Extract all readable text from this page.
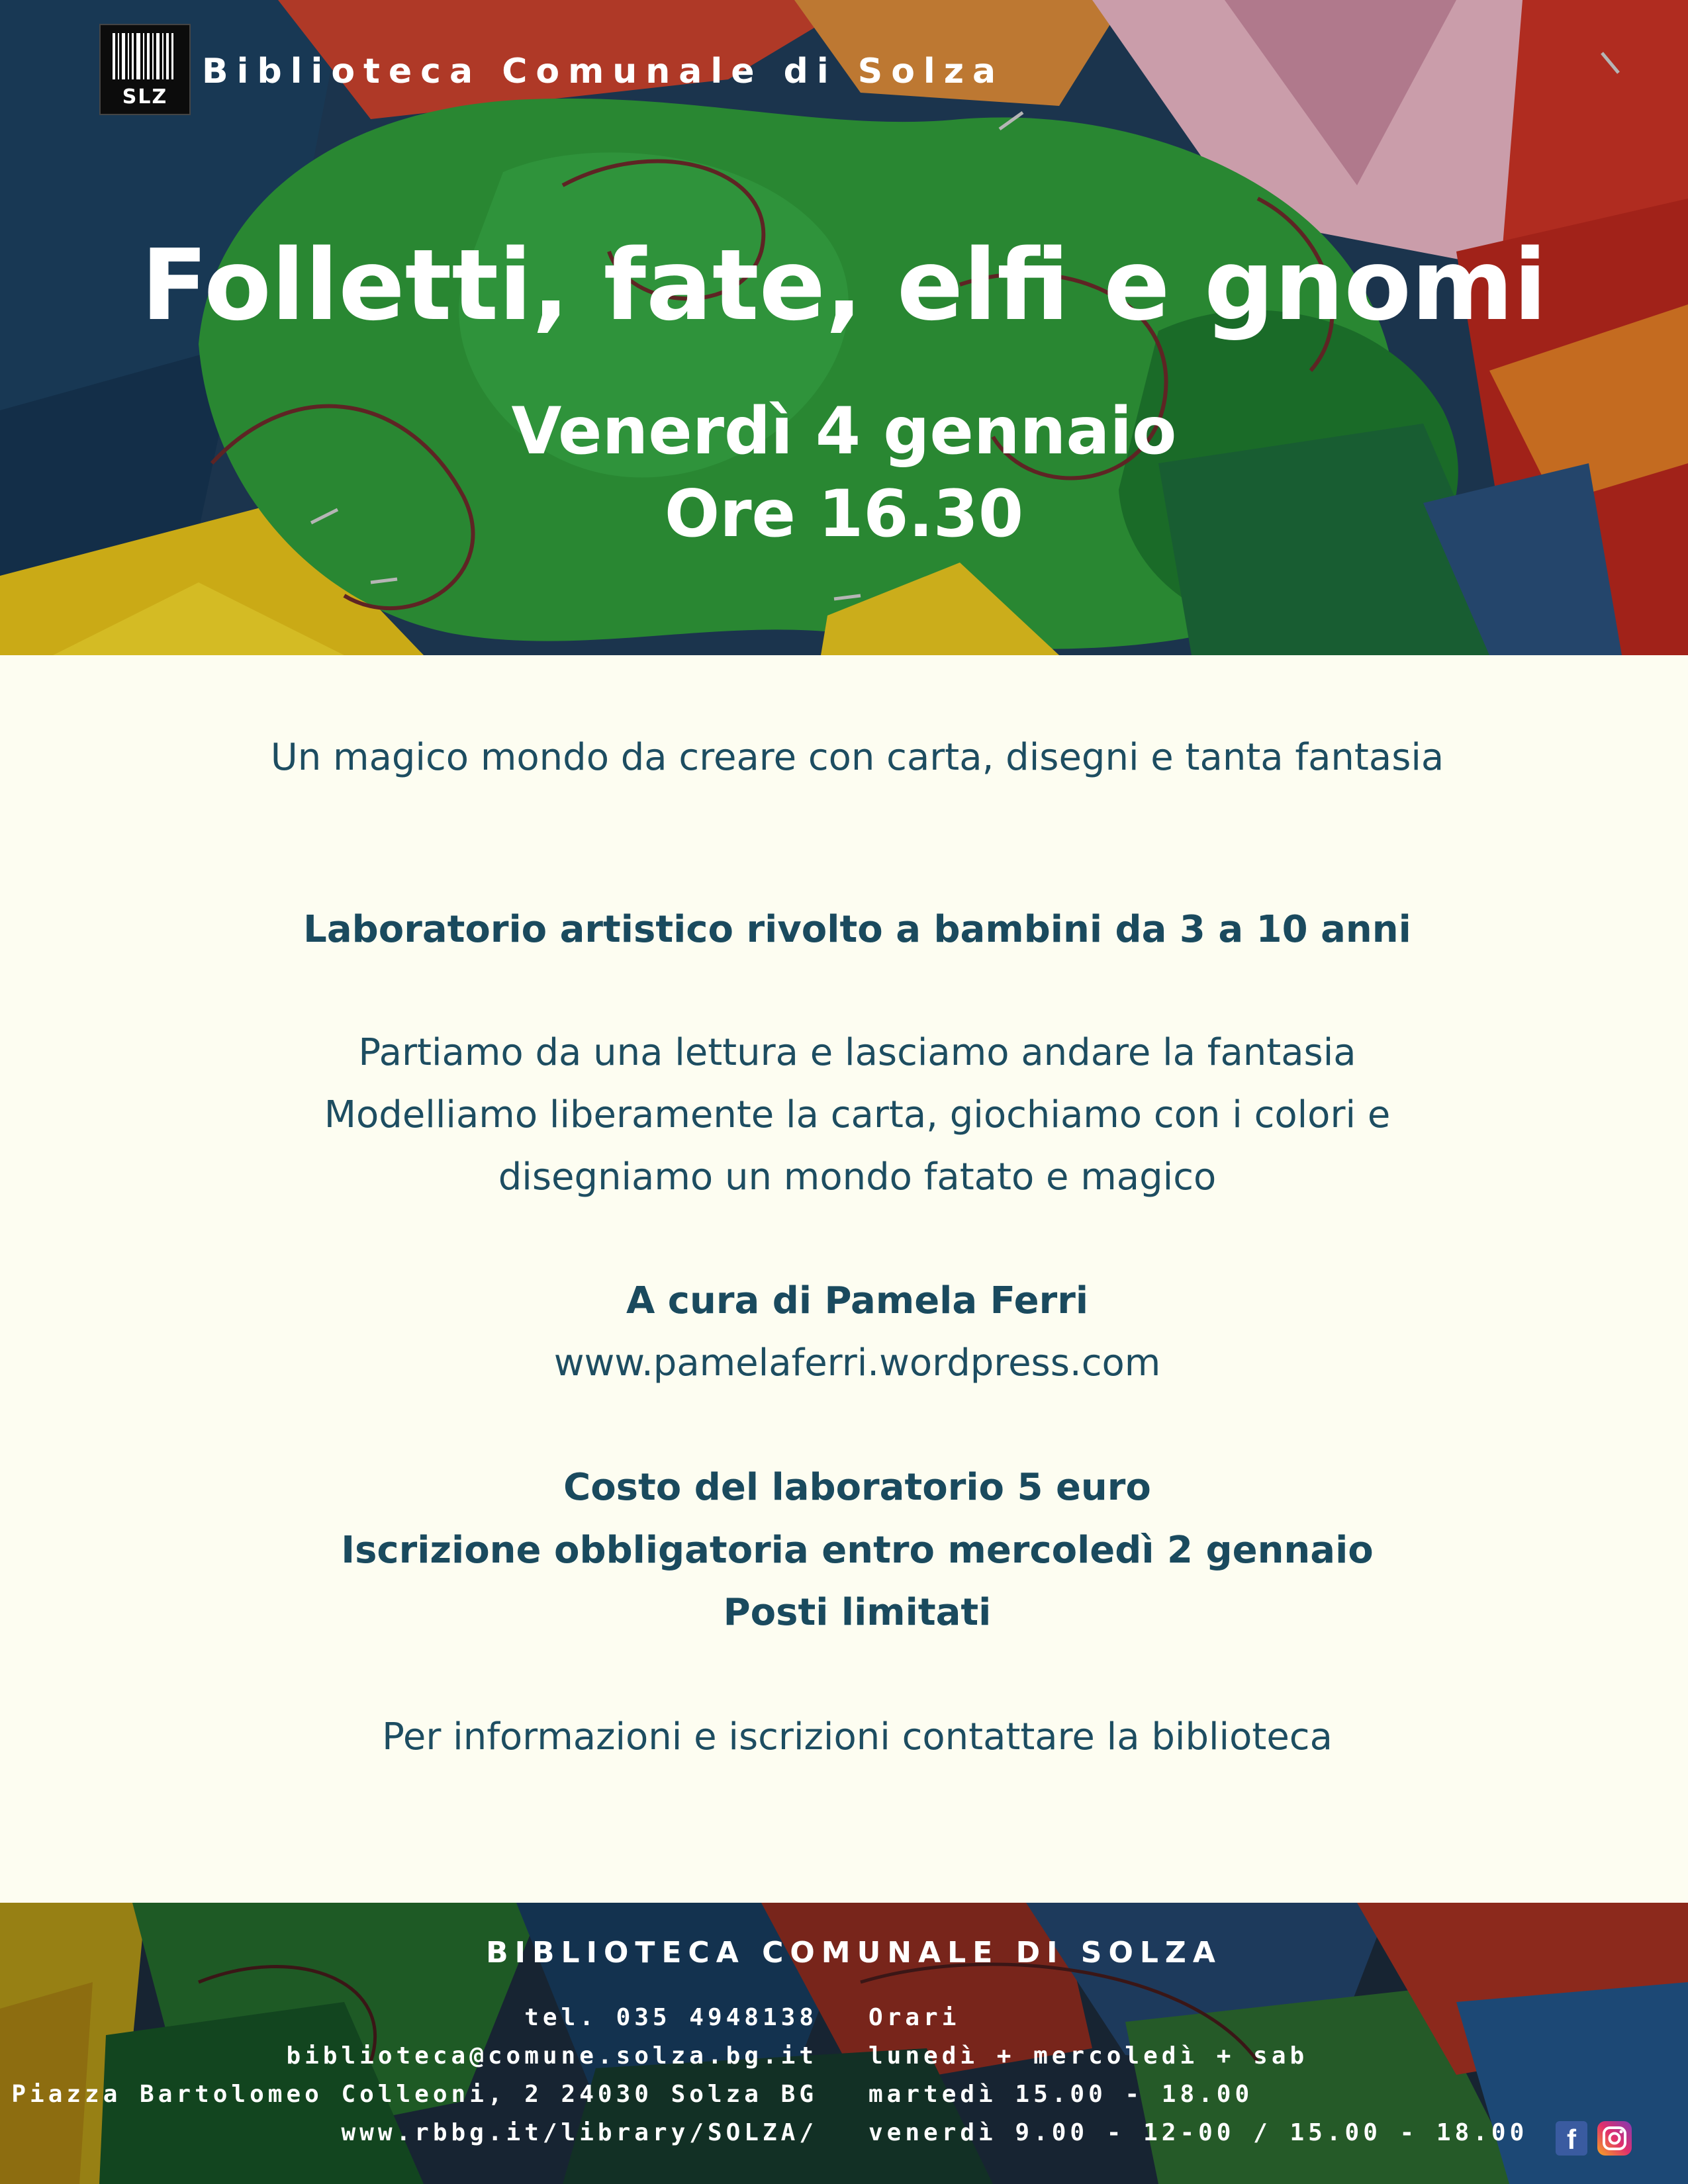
SLZ
Biblioteca Comunale di Solza
Folletti, fate, elfi e gnomi
Venerdì 4 gennaio
Ore 16.30
Un magico mondo da creare con carta, disegni e tanta fantasia
Laboratorio artistico rivolto a bambini da 3 a 10 anni
Partiamo da una lettura e lasciamo andare la fantasia
Modelliamo liberamente la carta, giochiamo con i colori e
disegniamo un mondo fatato e magico
A cura di Pamela Ferri
www.pamelaferri.wordpress.com
Costo del laboratorio 5 euro
Iscrizione obbligatoria entro mercoledì 2 gennaio
Posti limitati
Per informazioni e iscrizioni contattare la biblioteca
BIBLIOTECA COMUNALE DI SOLZA
tel. 035 4948138
biblioteca@comune.solza.bg.it
Piazza Bartolomeo Colleoni, 2 24030 Solza BG
www.rbbg.it/library/SOLZA/
Orari
lunedì + mercoledì + sab
martedì 15.00 - 18.00
venerdì 9.00 - 12-00 / 15.00 - 18.00	f
